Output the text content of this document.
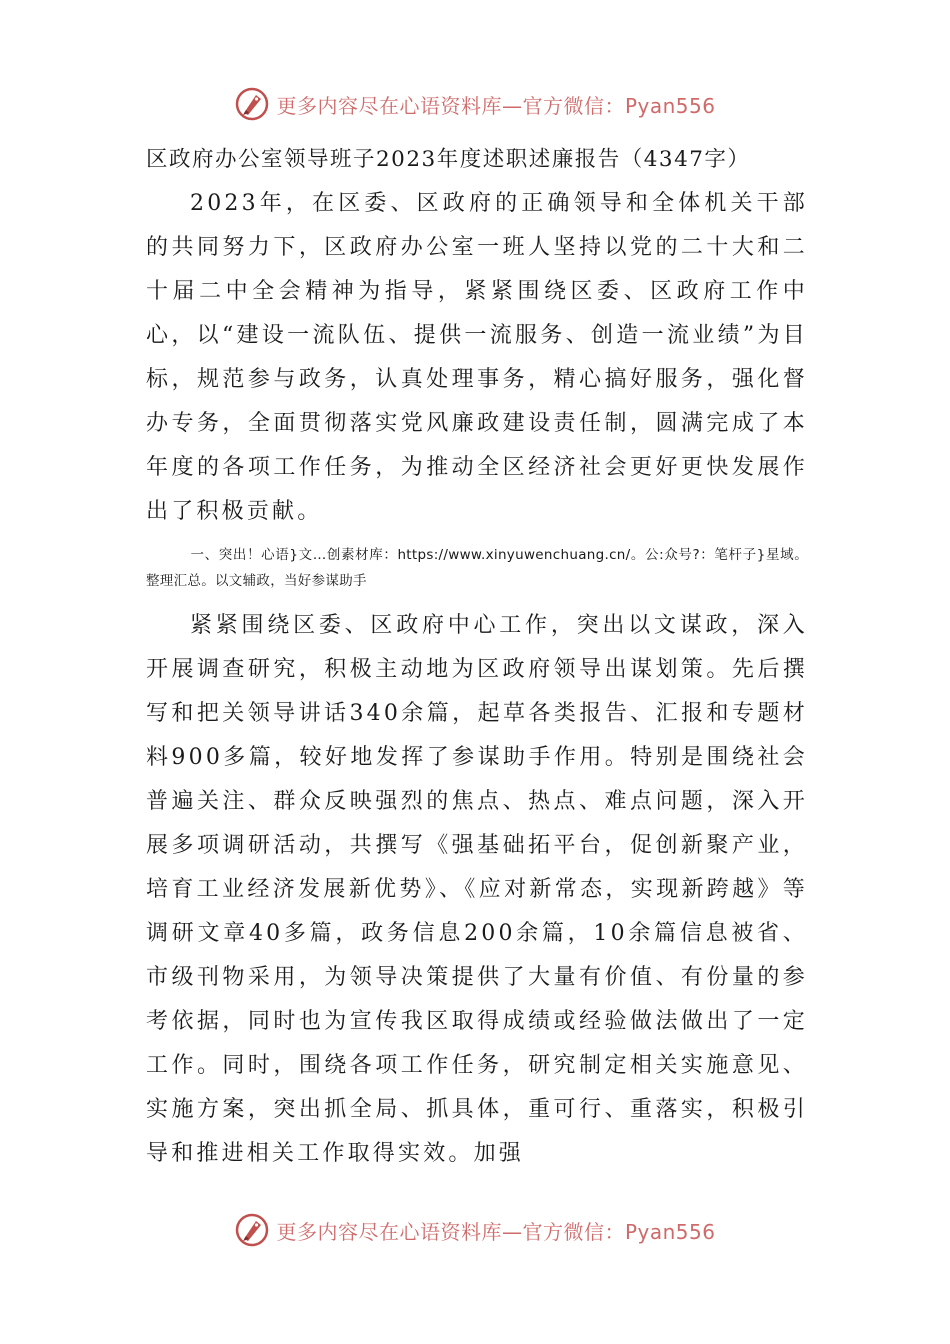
更多内容尽在心语资料库—官方微信：Pyan556
区政府办公室领导班子2023年度述职述廉报告（4347字）

2023年，在区委、区政府的正确领导和全体机关干部的共同努力下，区政府办公室一班人坚持以党的二十大和二十届二中全会精神为指导，紧紧围绕区委、区政府工作中心，以“建设一流队伍、提供一流服务、创造一流业绩”为目标，规范参与政务，认真处理事务，精心搞好服务，强化督办专务，全面贯彻落实党风廉政建设责任制，圆满完成了本年度的各项工作任务，为推动全区经济社会更好更快发展作出了积极贡献。

一、突出！心语}文…创素材库：https://www.xinyuwenchuang.cn/。公:众号?：笔杆子}星域。整理汇总。以文辅政，当好参谋助手

紧紧围绕区委、区政府中心工作，突出以文谋政，深入开展调查研究，积极主动地为区政府领导出谋划策。先后撰写和把关领导讲话340余篇，起草各类报告、汇报和专题材料900多篇，较好地发挥了参谋助手作用。特别是围绕社会普遍关注、群众反映强烈的焦点、热点、难点问题，深入开展多项调研活动，共撰写《强基础拓平台，促创新聚产业，培育工业经济发展新优势》、《应对新常态，实现新跨越》等调研文章40多篇，政务信息200余篇，10余篇信息被省、市级刊物采用，为领导决策提供了大量有价值、有份量的参考依据，同时也为宣传我区取得成绩或经验做法做出了一定工作。同时，围绕各项工作任务，研究制定相关实施意见、实施方案，突出抓全局、抓具体，重可行、重落实，积极引导和推进相关工作取得实效。加强

更多内容尽在心语资料库—官方微信：Pyan556
